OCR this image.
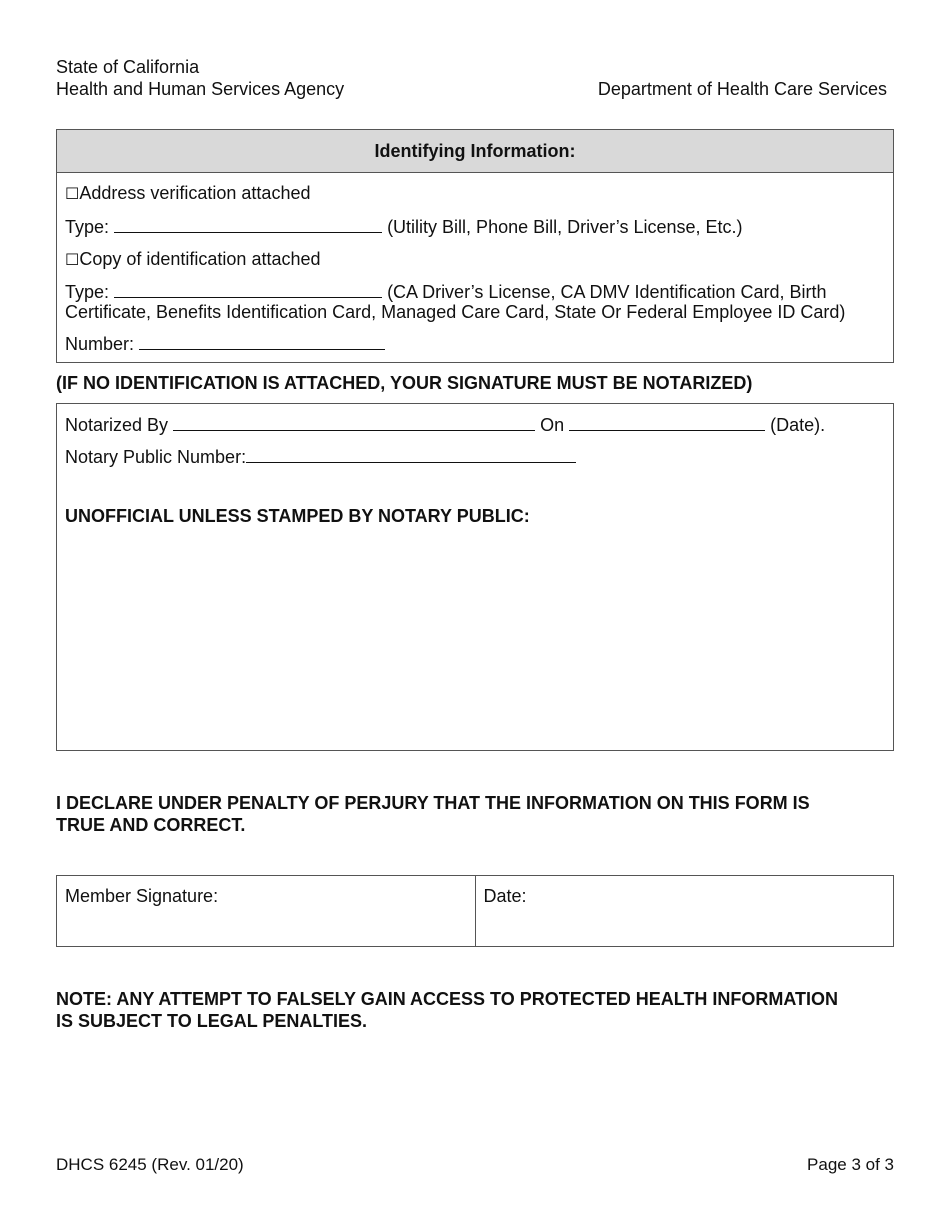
State of California
Health and Human Services Agency	Department of Health Care Services
Identifying Information:
☐Address verification attached
Type:	(Utility Bill, Phone Bill, Driver’s License, Etc.)
☐Copy of identification attached
Type:	(CA Driver’s License, CA DMV Identification Card, Birth
Certificate, Benefits Identification Card, Managed Care Card, State Or Federal Employee ID Card)
Number:
(IF NO IDENTIFICATION IS ATTACHED, YOUR SIGNATURE MUST BE NOTARIZED)
Notarized By	On	(Date).
Notary Public Number:
UNOFFICIAL UNLESS STAMPED BY NOTARY PUBLIC:
I DECLARE UNDER PENALTY OF PERJURY THAT THE INFORMATION ON THIS FORM IS
TRUE AND CORRECT.
Member Signature:	Date:
NOTE: ANY ATTEMPT TO FALSELY GAIN ACCESS TO PROTECTED HEALTH INFORMATION
IS SUBJECT TO LEGAL PENALTIES.
DHCS 6245 (Rev. 01/20)	Page 3 of 3
